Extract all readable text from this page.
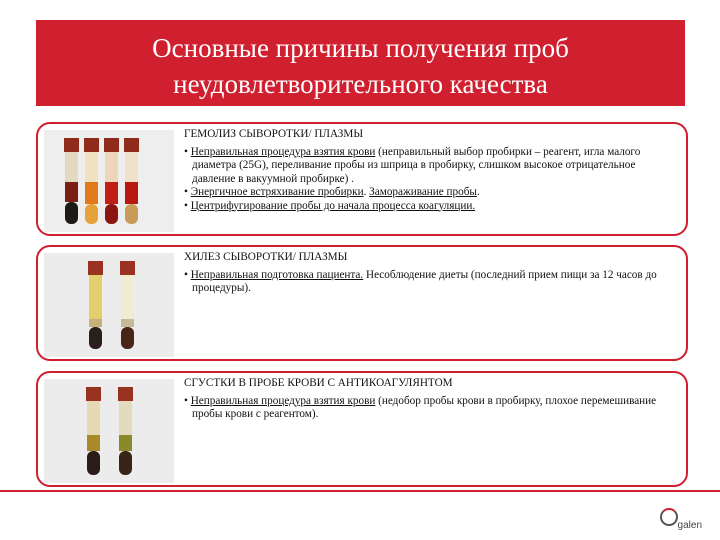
Основные причины получения проб
неудовлетворительного качества
ГЕМОЛИЗ СЫВОРОТКИ/ ПЛАЗМЫ
• Неправильная процедура взятия крови (неправильный выбор пробирки – реагент, игла малого диаметра (25G), переливание пробы из шприца в пробирку, слишком высокое отрицательное давление в вакуумной пробирке) .
• Энергичное встряхивание пробирки. Замораживание пробы.
• Центрифугирование пробы до начала процесса коагуляции.
ХИЛЕЗ СЫВОРОТКИ/ ПЛАЗМЫ
• Неправильная подготовка пациента. Несоблюдение диеты (последний прием пищи за 12 часов до процедуры).
СГУСТКИ В ПРОБЕ КРОВИ С АНТИКОАГУЛЯНТОМ
• Неправильная процедура взятия крови (недобор пробы крови в пробирку, плохое перемешивание пробы крови с реагентом).
galen
